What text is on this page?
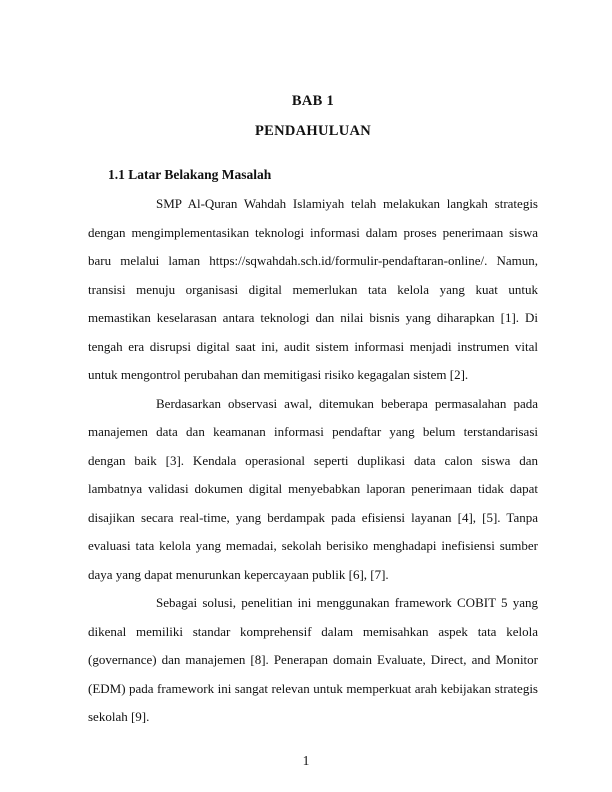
BAB 1
PENDAHULUAN
1.1 Latar Belakang Masalah

SMP Al-Quran Wahdah Islamiyah telah melakukan langkah strategis dengan mengimplementasikan teknologi informasi dalam proses penerimaan siswa baru melalui laman https://sqwahdah.sch.id/formulir-pendaftaran-online/. Namun, transisi menuju organisasi digital memerlukan tata kelola yang kuat untuk memastikan keselarasan antara teknologi dan nilai bisnis yang diharapkan [1]. Di tengah era disrupsi digital saat ini, audit sistem informasi menjadi instrumen vital untuk mengontrol perubahan dan memitigasi risiko kegagalan sistem [2].

Berdasarkan observasi awal, ditemukan beberapa permasalahan pada manajemen data dan keamanan informasi pendaftar yang belum terstandarisasi dengan baik [3]. Kendala operasional seperti duplikasi data calon siswa dan lambatnya validasi dokumen digital menyebabkan laporan penerimaan tidak dapat disajikan secara real-time, yang berdampak pada efisiensi layanan [4], [5]. Tanpa evaluasi tata kelola yang memadai, sekolah berisiko menghadapi inefisiensi sumber daya yang dapat menurunkan kepercayaan publik [6], [7].

Sebagai solusi, penelitian ini menggunakan framework COBIT 5 yang dikenal memiliki standar komprehensif dalam memisahkan aspek tata kelola (governance) dan manajemen [8]. Penerapan domain Evaluate, Direct, and Monitor (EDM) pada framework ini sangat relevan untuk memperkuat arah kebijakan strategis sekolah [9].

1
